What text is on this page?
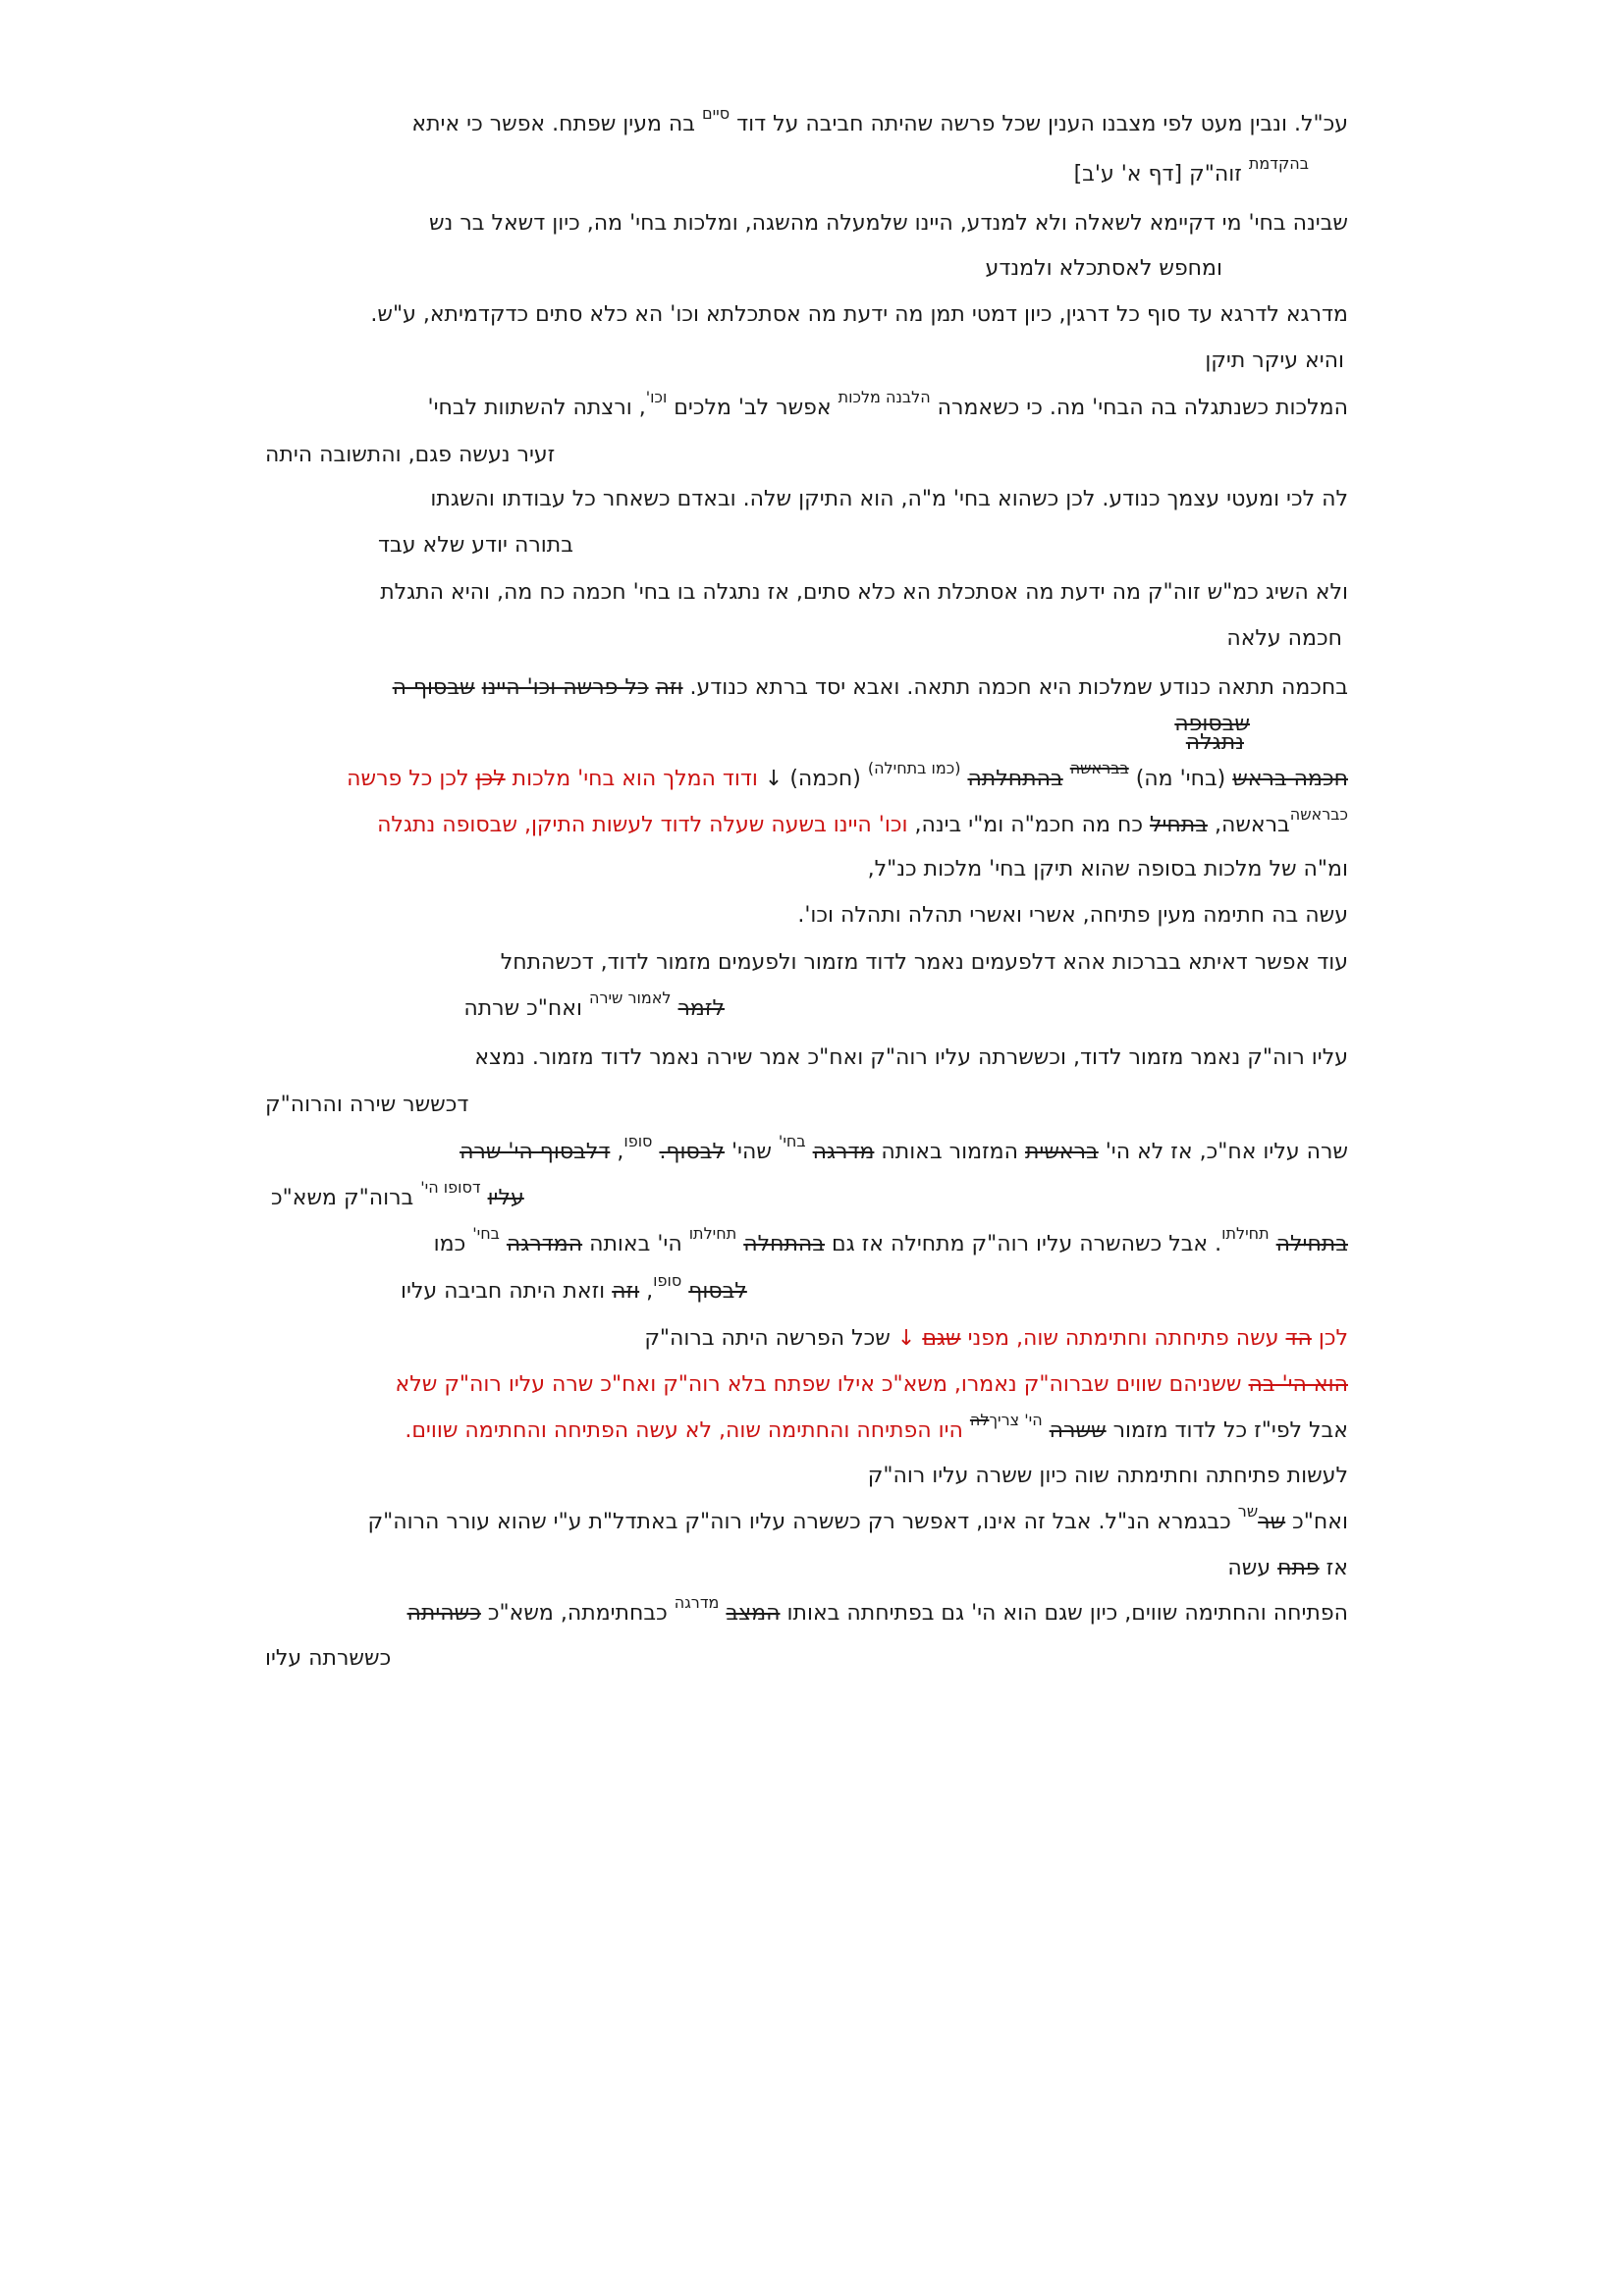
עכ"ל. ונבין מעט לפי מצבנו הענין שכל פרשה שהיתה חביבה על דוד סיים בה מעין שפתח. אפשר כי איתא
בהקדמת זוה"ק [דף א' ע'ב]
שבינה בחי' מי דקיימא לשאלה ולא למנדע, היינו שלמעלה מהשגה, ומלכות בחי' מה, כיון דשאל בר נש
ומחפש לאסתכלא ולמנדע
מדרגא לדרגא עד סוף כל דרגין, כיון דמטי תמן מה ידעת מה אסתכלתא וכו' הא כלא סתים כדקדמיתא, ע"ש.
והיא עיקר תיקן
המלכות כשנתגלה בה הבחי' מה. כי כשאמרה הלבנה מלכות אפשר לב' מלכים וכו', ורצתה להשתוות לבחי'
זעיר נעשה פגם, והתשובה היתה
לה לכי ומעטי עצמך כנודע. לכן כשהוא בחי' מ"ה, הוא התיקן שלה. ובאדם כשאחר כל עבודתו והשגתו
בתורה יודע שלא עבד
ולא השיג כמ"ש זוה"ק מה ידעת מה אסתכלת הא כלא סתים, אז נתגלה בו בחי' חכמה כח מה, והיא התגלת
חכמה עלאה
בחכמה תתאה כנודע שמלכות היא חכמה תתאה. ואבא יסד ברתא כנודע. וזה כל פרשה וכו' היינו שבסוף ה
שבסופה
נתגלה
חכמה בראש (בחי' מה) בבראשה בהתחלתה (כמו בתחילה) (חכמה) ↓ ודוד המלך הוא בחי' מלכות לכן לכן כל פרשה
כבראשהבראשה, בתחיל כח מה חכמ"ה ומ"י בינה, וכו' היינו בשעה שעלה לדוד לעשות התיקן, שבסופה נתגלה
ומ"ה של מלכות בסופה שהוא תיקן בחי' מלכות כנ"ל,
עשה בה חתימה מעין פתיחה, אשרי ואשרי תהלה ותהלה וכו'.
עוד אפשר דאיתא בברכות אהא דלפעמים נאמר לדוד מזמור ולפעמים מזמור לדוד, דכשהתחל
לזמר לאמור שירה ואח"כ שרתה
עליו רוה"ק נאמר מזמור לדוד, וכששרתה עליו רוה"ק ואח"כ אמר שירה נאמר לדוד מזמור. נמצא
דכששר שירה והרוה"ק
שרה עליו אח"כ, אז לא הי' בראשית המזמור באותה מדרגה בחי' שהי' לבסוף. סופו, דלבסוף הי' שרה
עליו דסופו הי' ברוה"ק משא"כ
בתחילה תחילתו. אבל כשהשרה עליו רוה"ק מתחילה אז גם בהתחלה תחילתו הי' באותה המדרגה בחי' כמו
לבסוף סופו, וזה וזאת היתה חביבה עליו
לכן הד עשה פתיחתה וחתימתה שוה, מפני שגם ↓ שכל הפרשה היתה ברוה"ק
הוא הי' בה ששניהם שווים שברוה"ק נאמרו, משא"כ אילו שפתח בלא רוה"ק ואח"כ שרה עליו רוה"ק שלא
אבל לפי"ז כל לדוד מזמור ששרה הי' צריךלה היו הפתיחה והחתימה שוה, לא עשה הפתיחה והחתימה שווים.
לעשות פתיחתה וחתימתה שוה כיון ששרה עליו רוה"ק
ואח"כ שרשר כבגמרא הנ"ל. אבל זה אינו, דאפשר רק כששרה עליו רוה"ק באתדל"ת ע"י שהוא עורר הרוה"ק
אז פתח עשה
הפתיחה והחתימה שווים, כיון שגם הוא הי' גם בפתיחתה באותו המצב מדרגה כבחתימתה, משא"כ כשהיתה
כששרתה עליו
